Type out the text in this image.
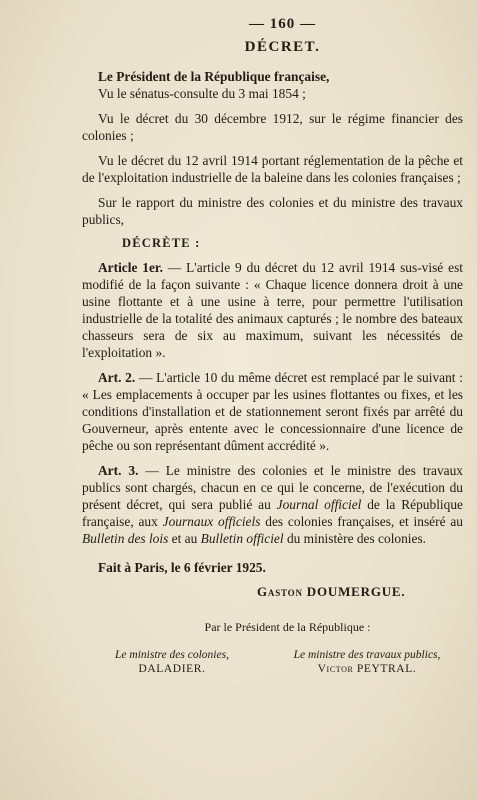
— 160 —
DÉCRET.

Le Président de la République française,

Vu le sénatus-consulte du 3 mai 1854 ;

Vu le décret du 30 décembre 1912, sur le régime financier des colonies ;

Vu le décret du 12 avril 1914 portant réglementation de la pêche et de l'exploitation industrielle de la baleine dans les colonies françaises ;

Sur le rapport du ministre des colonies et du ministre des travaux publics,

DÉCRÈTE :

Article 1er. — L'article 9 du décret du 12 avril 1914 sus-visé est modifié de la façon suivante : « Chaque licence donnera droit à une usine flottante et à une usine à terre, pour permettre l'utilisation industrielle de la totalité des animaux capturés ; le nombre des bateaux chasseurs sera de six au maximum, suivant les nécessités de l'exploitation ».

Art. 2. — L'article 10 du même décret est remplacé par le suivant : « Les emplacements à occuper par les usines flottantes ou fixes, et les conditions d'installation et de stationnement seront fixés par arrêté du Gouverneur, après entente avec le concessionnaire d'une licence de pêche ou son représentant dûment accrédité ».

Art. 3. — Le ministre des colonies et le ministre des travaux publics sont chargés, chacun en ce qui le concerne, de l'exécution du présent décret, qui sera publié au Journal officiel de la République française, aux Journaux officiels des colonies françaises, et inséré au Bulletin des lois et au Bulletin officiel du ministère des colonies.

Fait à Paris, le 6 février 1925.

Gaston DOUMERGUE.
Par le Président de la République :
Le ministre des colonies,
DALADIER.
Le ministre des travaux publics,
Victor PEYTRAL.
